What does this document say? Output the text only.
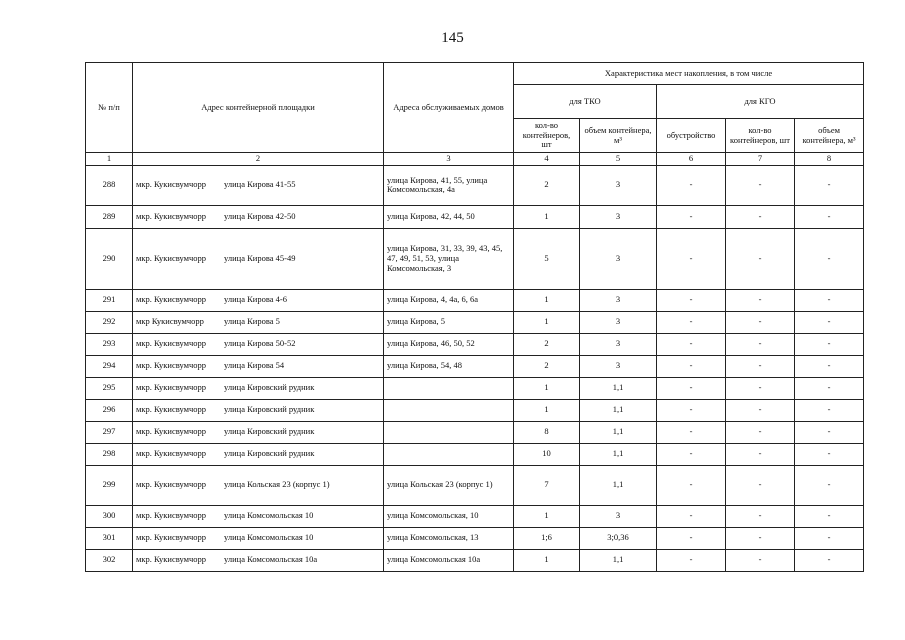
145
№ п/п	Адрес контейнерной площадки	Адреса обслуживаемых домов	Характеристика мест накопления, в том числе				
			для ТКО		для КГО		
			кол-во контейнеров, шт	объем контейнера, м³	обустройство	кол-во контейнеров, шт	объем контейнера, м³
1	2	3	4	5	6	7	8
288	мкр. Кукисвумчорр улица Кирова 41-55	улица Кирова, 41, 55, улица Комсомольская, 4а	2	3	-	-	-
289	мкр. Кукисвумчорр улица Кирова 42-50	улица Кирова, 42, 44, 50	1	3	-	-	-
290	мкр. Кукисвумчорр улица Кирова 45-49	улица Кирова, 31, 33, 39, 43, 45, 47, 49, 51, 53, улица Комсомольская, 3	5	3	-	-	-
291	мкр. Кукисвумчорр улица Кирова 4-6	улица Кирова, 4, 4а, 6, 6а	1	3	-	-	-
292	мкр Кукисвумчорр улица Кирова 5	улица Кирова, 5	1	3	-	-	-
293	мкр. Кукисвумчорр улица Кирова 50-52	улица Кирова, 46, 50, 52	2	3	-	-	-
294	мкр. Кукисвумчорр улица Кирова 54	улица Кирова, 54, 48	2	3	-	-	-
295	мкр. Кукисвумчорр улица Кировский рудник		1	1,1	-	-	-
296	мкр. Кукисвумчорр улица Кировский рудник		1	1,1	-	-	-
297	мкр. Кукисвумчорр улица Кировский рудник		8	1,1	-	-	-
298	мкр. Кукисвумчорр улица Кировский рудник		10	1,1	-	-	-
299	мкр. Кукисвумчорр улица Кольская 23 (корпус 1)	улица Кольская 23 (корпус 1)	7	1,1	-	-	-
300	мкр. Кукисвумчорр улица Комсомольская 10	улица Комсомольская, 10	1	3	-	-	-
301	мкр. Кукисвумчорр улица Комсомольская 10	улица Комсомольская, 13	1;6	3;0,36	-	-	-
302	мкр. Кукисвумчорр улица Комсомольская 10а	улица Комсомольская 10а	1	1,1	-	-	-
